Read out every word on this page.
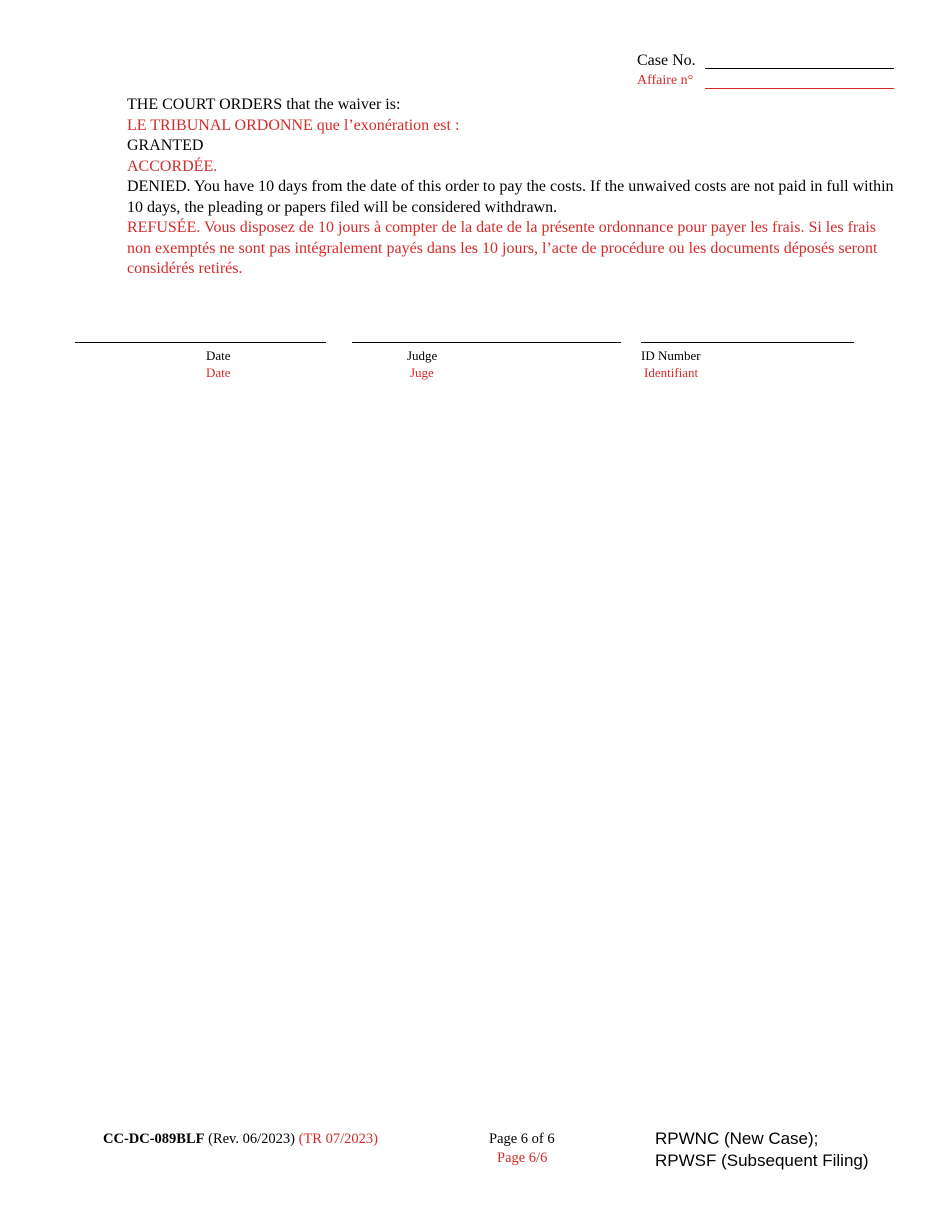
Case No.
Affaire n°

THE COURT ORDERS that the waiver is:

LE TRIBUNAL ORDONNE que l’exonération est :

GRANTED

ACCORDÉE.

DENIED. You have 10 days from the date of this order to pay the costs. If the unwaived costs are not paid in full within 10 days, the pleading or papers filed will be considered withdrawn.

REFUSÉE. Vous disposez de 10 jours à compter de la date de la présente ordonnance pour payer les frais. Si les frais non exemptés ne sont pas intégralement payés dans les 10 jours, l’acte de procédure ou les documents déposés seront considérés retirés.

Date
Date
Judge
Juge
ID Number
Identifiant
CC-DC-089BLF (Rev. 06/2023) (TR 07/2023)	Page 6 of 6
Page 6/6
RPWNC (New Case);
RPWSF (Subsequent Filing)
